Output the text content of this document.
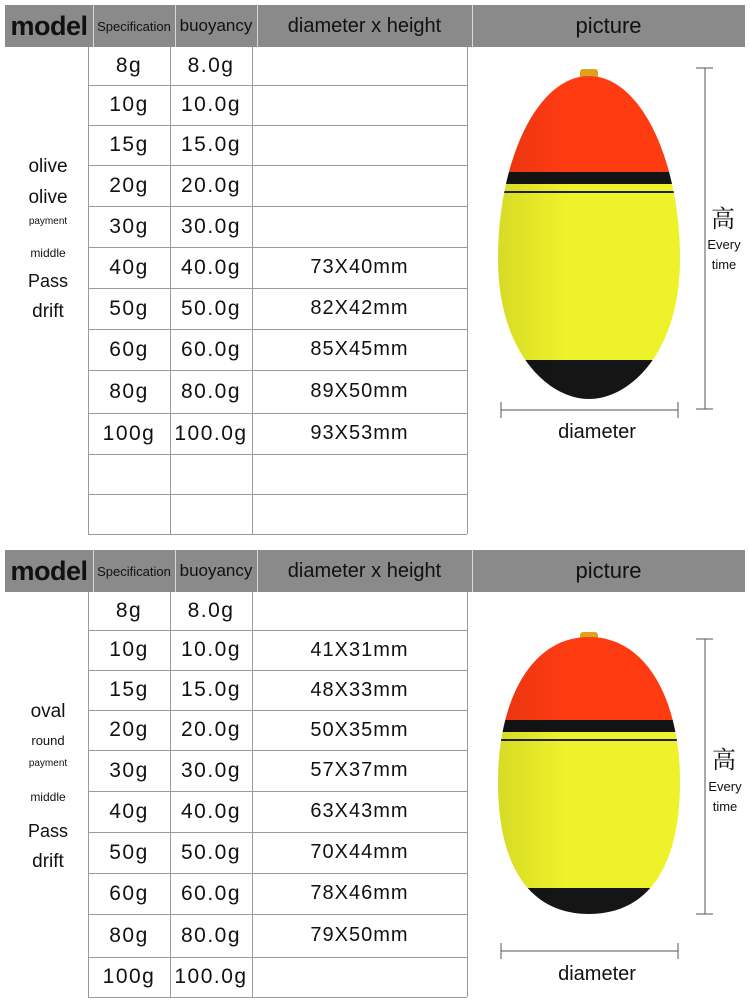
model Specification buoyancy	diameter x height	picture
8g	8.0g
10g	10.0g
15g	15.0g
20g	20.0g
30g	30.0g
40g	40.0g	73X40mm
50g	50.0g	82X42mm
60g	60.0g	85X45mm
80g	80.0g	89X50mm
100g 100.0g	93X53mm
olive
olive
payment
middle
Pass
drift
高
Every
time
diameter
model Specification buoyancy	diameter x height	picture
8g	8.0g
10g	10.0g	41X31mm
15g	15.0g	48X33mm
20g	20.0g	50X35mm
30g	30.0g	57X37mm
40g	40.0g	63X43mm
50g	50.0g	70X44mm
60g	60.0g	78X46mm
80g	80.0g	79X50mm
100g 100.0g
oval
round
payment
middle
Pass
drift
高
Every
time
diameter
